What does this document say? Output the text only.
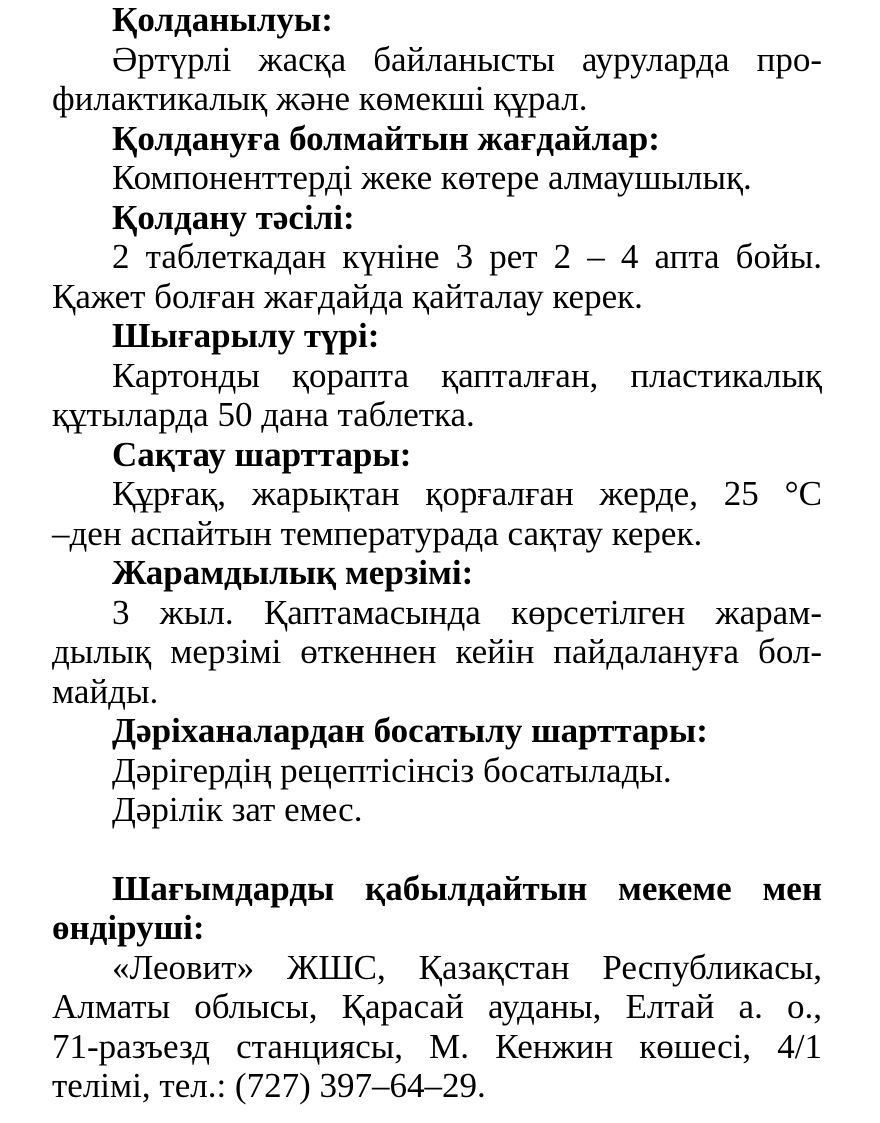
Қолданылуы:
Әртүрлі жасқа байланысты ауруларда про-
филактикалық және көмекші құрал.
Қолдануға болмайтын жағдайлар:
Компоненттерді жеке көтере алмаушылық.
Қолдану тәсілі:
2 таблеткадан күніне 3 рет 2 – 4 апта бойы.
Қажет болған жағдайда қайталау керек.
Шығарылу түрі:
Картонды қорапта қапталған, пластикалық
құтыларда 50 дана таблетка.
Сақтау шарттары:
Құрғақ, жарықтан қорғалған жерде, 25 °С
–ден аспайтын температурада сақтау керек.
Жарамдылық мерзімі:
3 жыл. Қаптамасында көрсетілген жарам-
дылық мерзімі өткеннен кейін пайдалануға бол-
майды.
Дәріханалардан босатылу шарттары:
Дәрігердің рецептісінсіз босатылады.
Дәрілік зат емес.
Шағымдарды қабылдайтын мекеме мен
өндіруші:
«Леовит» ЖШС, Қазақстан Республикасы,
Алматы облысы, Қарасай ауданы, Елтай а. о.,
71-разъезд станциясы, М. Кенжин көшесі, 4/1
телімі, тел.: (727) 397–64–29.
